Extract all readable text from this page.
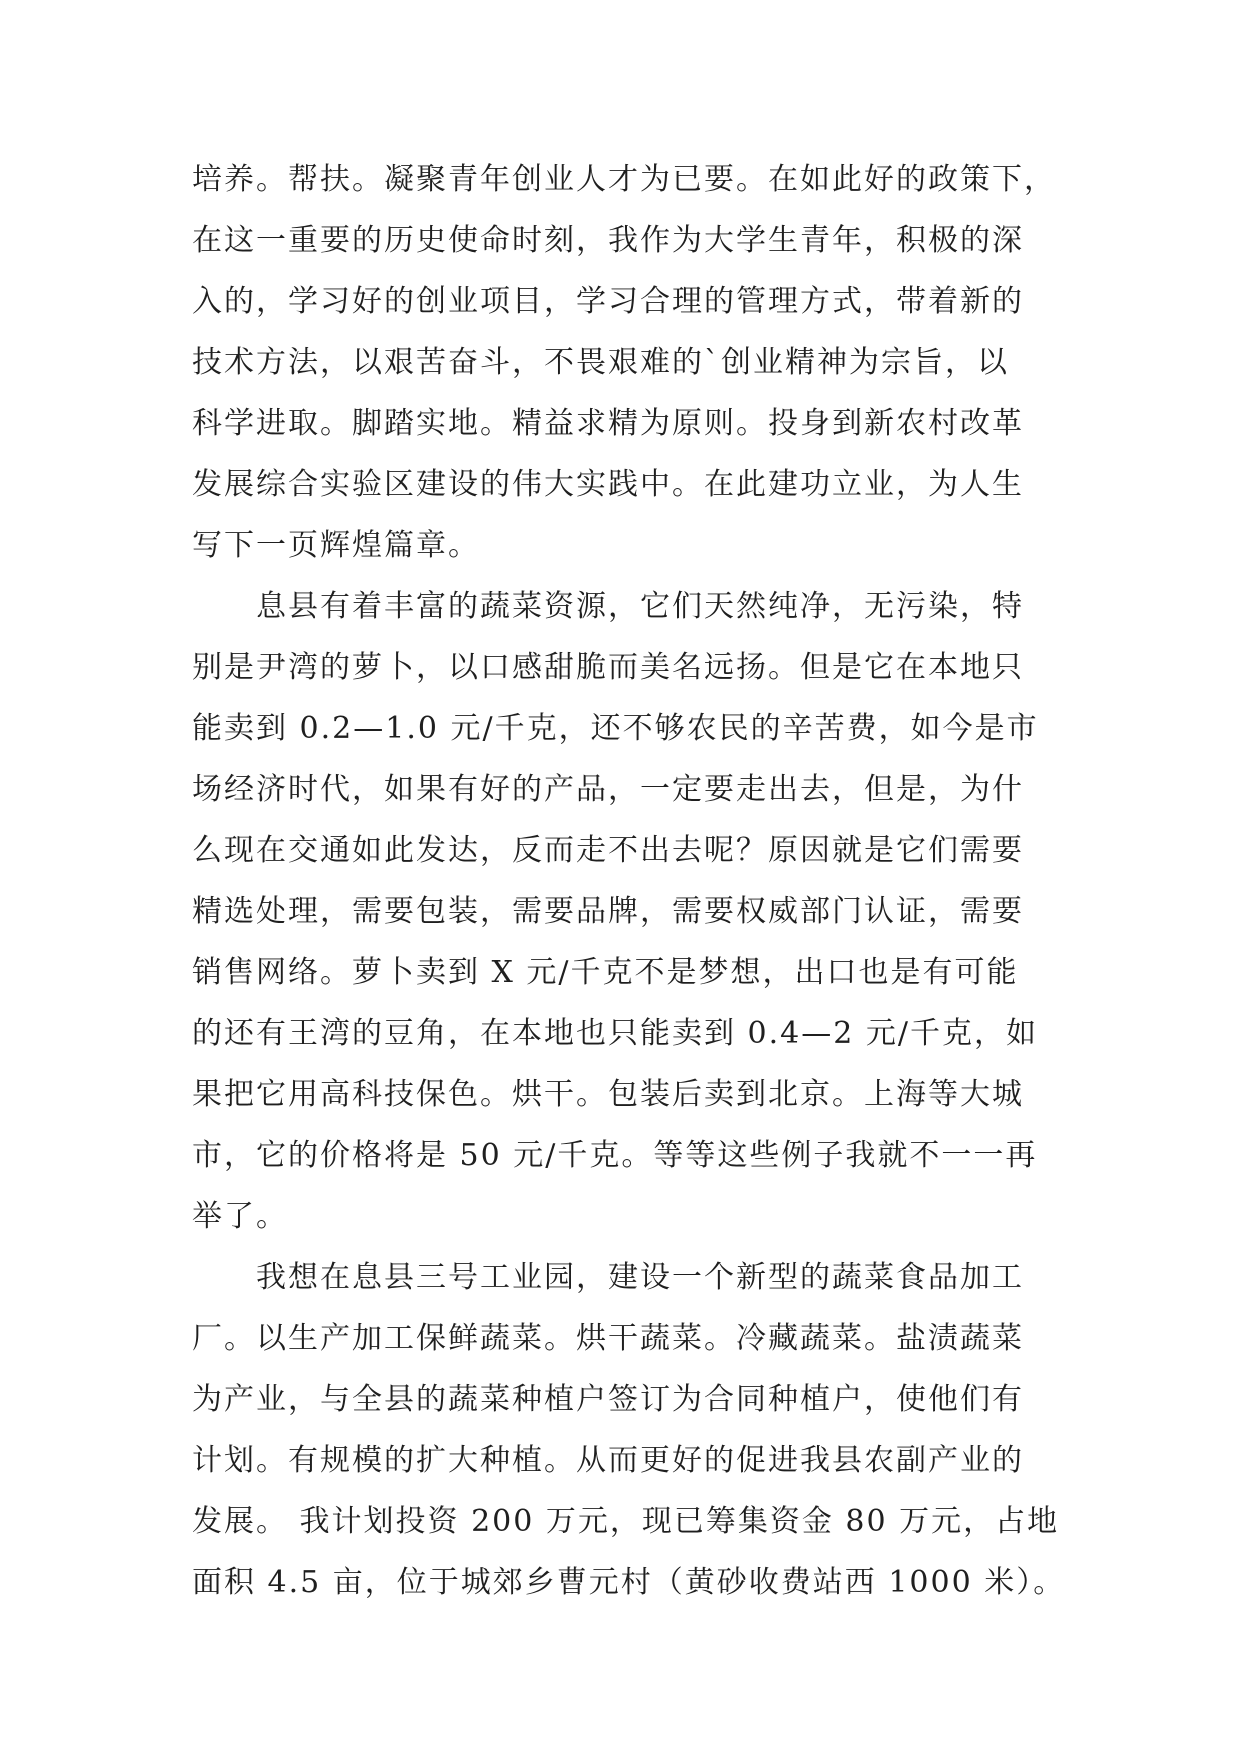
培养。帮扶。凝聚青年创业人才为已要。在如此好的政策下，
在这一重要的历史使命时刻，我作为大学生青年，积极的深
入的，学习好的创业项目，学习合理的管理方式，带着新的
技术方法，以艰苦奋斗，不畏艰难的`创业精神为宗旨，以
科学进取。脚踏实地。精益求精为原则。投身到新农村改革
发展综合实验区建设的伟大实践中。在此建功立业，为人生
写下一页辉煌篇章。
息县有着丰富的蔬菜资源，它们天然纯净，无污染，特
别是尹湾的萝卜，以口感甜脆而美名远扬。但是它在本地只
能卖到 0.2—1.0 元/千克，还不够农民的辛苦费，如今是市
场经济时代，如果有好的产品，一定要走出去，但是，为什
么现在交通如此发达，反而走不出去呢？原因就是它们需要
精选处理，需要包装，需要品牌，需要权威部门认证，需要
销售网络。萝卜卖到 X 元/千克不是梦想，出口也是有可能
的还有王湾的豆角，在本地也只能卖到 0.4—2 元/千克，如
果把它用高科技保色。烘干。包装后卖到北京。上海等大城
市，它的价格将是 50 元/千克。等等这些例子我就不一一再
举了。
我想在息县三号工业园，建设一个新型的蔬菜食品加工
厂。以生产加工保鲜蔬菜。烘干蔬菜。冷藏蔬菜。盐渍蔬菜
为产业，与全县的蔬菜种植户签订为合同种植户，使他们有
计划。有规模的扩大种植。从而更好的促进我县农副产业的
发展。 我计划投资 200 万元，现已筹集资金 80 万元，占地
面积 4.5 亩，位于城郊乡曹元村（黄砂收费站西 1000 米）。
